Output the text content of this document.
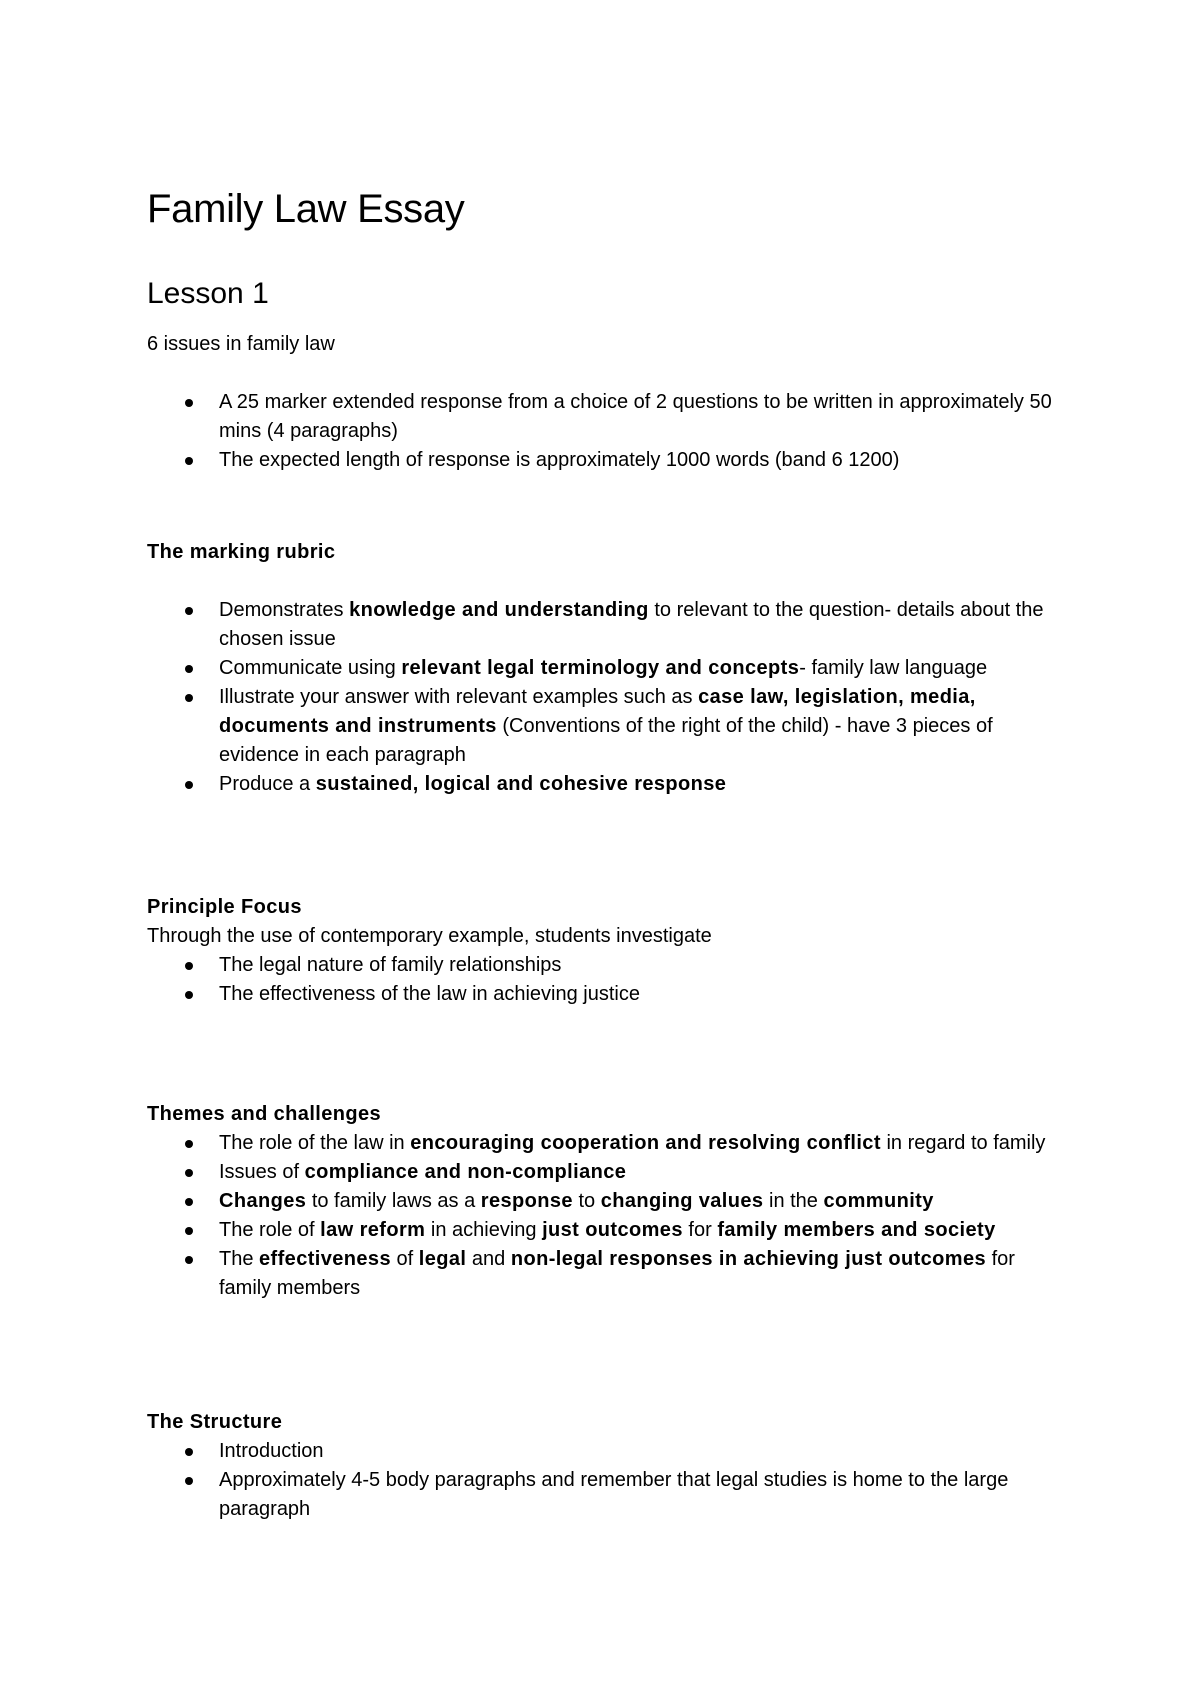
Family Law Essay
Lesson 1

6 issues in family law

A 25 marker extended response from a choice of 2 questions to be written in approximately 50 mins (4 paragraphs)
The expected length of response is approximately 1000 words (band 6 1200)

The marking rubric

Demonstrates knowledge and understanding to relevant to the question- details about the chosen issue
Communicate using relevant legal terminology and concepts- family law language
Illustrate your answer with relevant examples such as case law, legislation, media, documents and instruments (Conventions of the right of the child) - have 3 pieces of evidence in each paragraph
Produce a sustained, logical and cohesive response

Principle Focus

Through the use of contemporary example, students investigate

The legal nature of family relationships
The effectiveness of the law in achieving justice

Themes and challenges

The role of the law in encouraging cooperation and resolving conflict in regard to family
Issues of compliance and non-compliance
Changes to family laws as a response to changing values in the community
The role of law reform in achieving just outcomes for family members and society
The effectiveness of legal and non-legal responses in achieving just outcomes for family members

The Structure

Introduction
Approximately 4-5 body paragraphs and remember that legal studies is home to the large paragraph
